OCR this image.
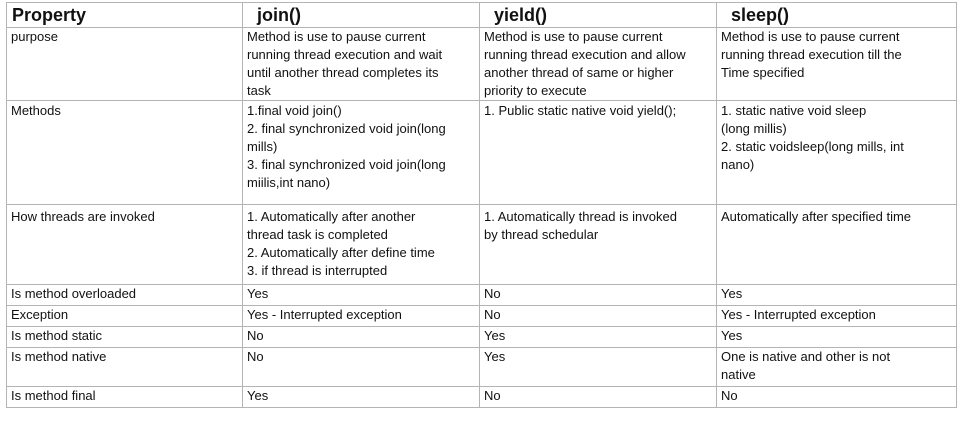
Property	join()	yield()	sleep()

purpose	Method is use to pause current
running thread execution and wait
until another thread completes its
task	Method is use to pause current
running thread execution and allow
another thread of same or higher
priority to execute	Method is use to pause current
running thread execution till the
Time specified

Methods	1.final void join()
2. final synchronized void join(long
mills)
3. final synchronized void join(long
miilis,int nano)	1. Public static native void yield();	1. static native void sleep
(long millis)
2. static voidsleep(long mills, int
nano)

How threads are invoked	1. Automatically after another
thread task is completed
2. Automatically after define time
3. if thread is interrupted	1. Automatically thread is invoked
by thread schedular	Automatically after specified time

Is method overloaded	Yes	No	Yes

Exception	Yes - Interrupted exception	No	Yes - Interrupted exception

Is method static	No	Yes	Yes

Is method native	No	Yes	One is native and other is not
native

Is method final	Yes	No	No
